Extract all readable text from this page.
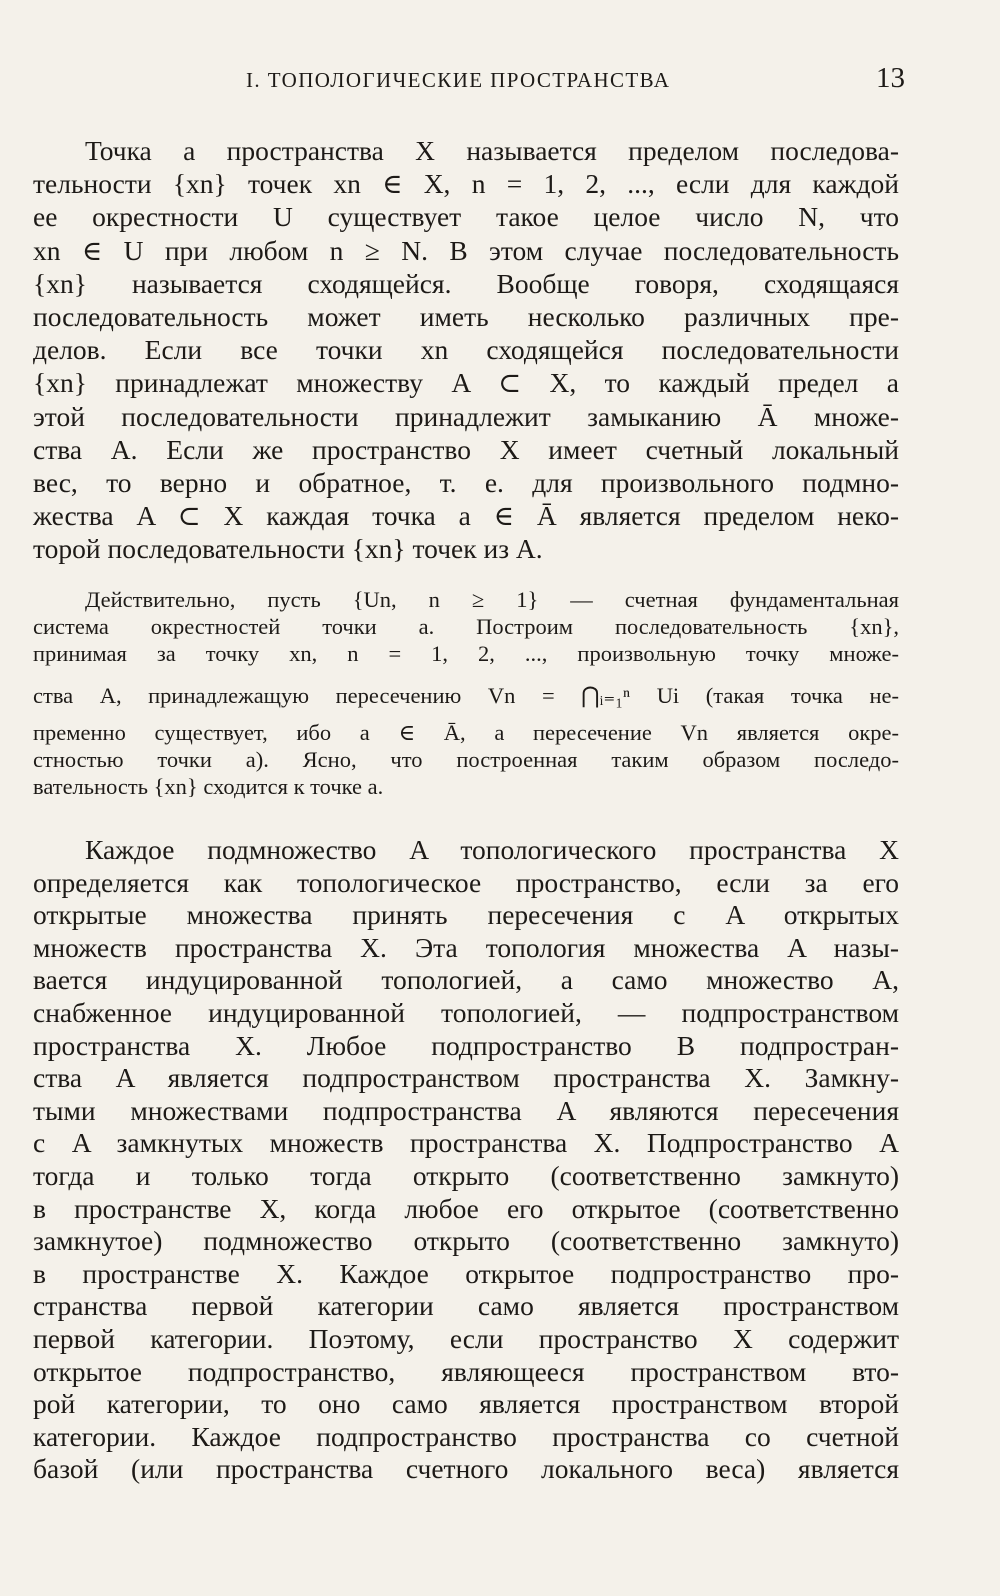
I. ТОПОЛОГИЧЕСКИЕ ПРОСТРАНСТВА	13
Точка a пространства X называется пределом последова-
тельности {xn} точек xn ∈ X, n = 1, 2, ..., если для каждой
ее окрестности U существует такое целое число N, что
xn ∈ U при любом n ≥ N. В этом случае последовательность
{xn} называется сходящейся. Вообще говоря, сходящаяся
последовательность может иметь несколько различных пре-
делов. Если все точки xn сходящейся последовательности
{xn} принадлежат множеству A ⊂ X, то каждый предел a
этой последовательности принадлежит замыканию Ā множе-
ства A. Если же пространство X имеет счетный локальный
вес, то верно и обратное, т. е. для произвольного подмно-
жества A ⊂ X каждая точка a ∈ Ā является пределом неко-
торой последовательности {xn} точек из A.
Действительно, пусть {Un, n ≥ 1} — счетная фундаментальная
система окрестностей точки a. Построим последовательность {xn},
принимая за точку xn, n = 1, 2, ..., произвольную точку множе-
ства A, принадлежащую пересечению Vn = ⋂ᵢ₌₁ⁿ Ui (такая точка не-
пременно существует, ибо a ∈ Ā, а пересечение Vn является окре-
стностью точки a). Ясно, что построенная таким образом последо-
вательность {xn} сходится к точке a.
Каждое подмножество A топологического пространства X
определяется как топологическое пространство, если за его
открытые множества принять пересечения с A открытых
множеств пространства X. Эта топология множества A назы-
вается индуцированной топологией, а само множество A,
снабженное индуцированной топологией, — подпространством
пространства X. Любое подпространство B подпростран-
ства A является подпространством пространства X. Замкну-
тыми множествами подпространства A являются пересечения
с A замкнутых множеств пространства X. Подпространство A
тогда и только тогда открыто (соответственно замкнуто)
в пространстве X, когда любое его открытое (соответственно
замкнутое) подмножество открыто (соответственно замкнуто)
в пространстве X. Каждое открытое подпространство про-
странства первой категории само является пространством
первой категории. Поэтому, если пространство X содержит
открытое подпространство, являющееся пространством вто-
рой категории, то оно само является пространством второй
категории. Каждое подпространство пространства со счетной
базой (или пространства счетного локального веса) является
